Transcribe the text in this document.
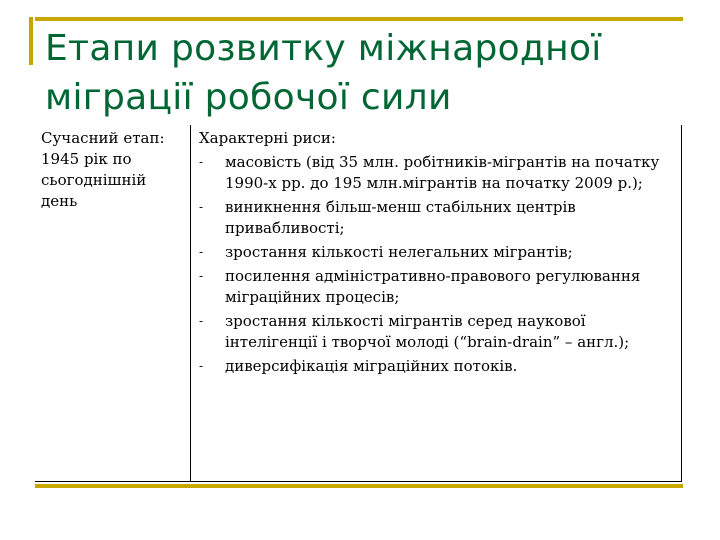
Етапи розвитку міжнародної міграції робочої сили
Сучасний етап: 1945 рік по сьогоднішній день
Характерні риси:
- масовість (від 35 млн. робітників-мігрантів на початку 1990-х рр. до 195 млн.мігрантів на початку 2009 р.);
- виникнення більш-менш стабільних центрів привабливості;
- зростання кількості нелегальних мігрантів;
- посилення адміністративно-правового регулювання міграційних процесів;
- зростання кількості мігрантів серед наукової інтелігенції і творчої молоді (“brain-drain” – англ.);
- диверсифікація міграційних потоків.
